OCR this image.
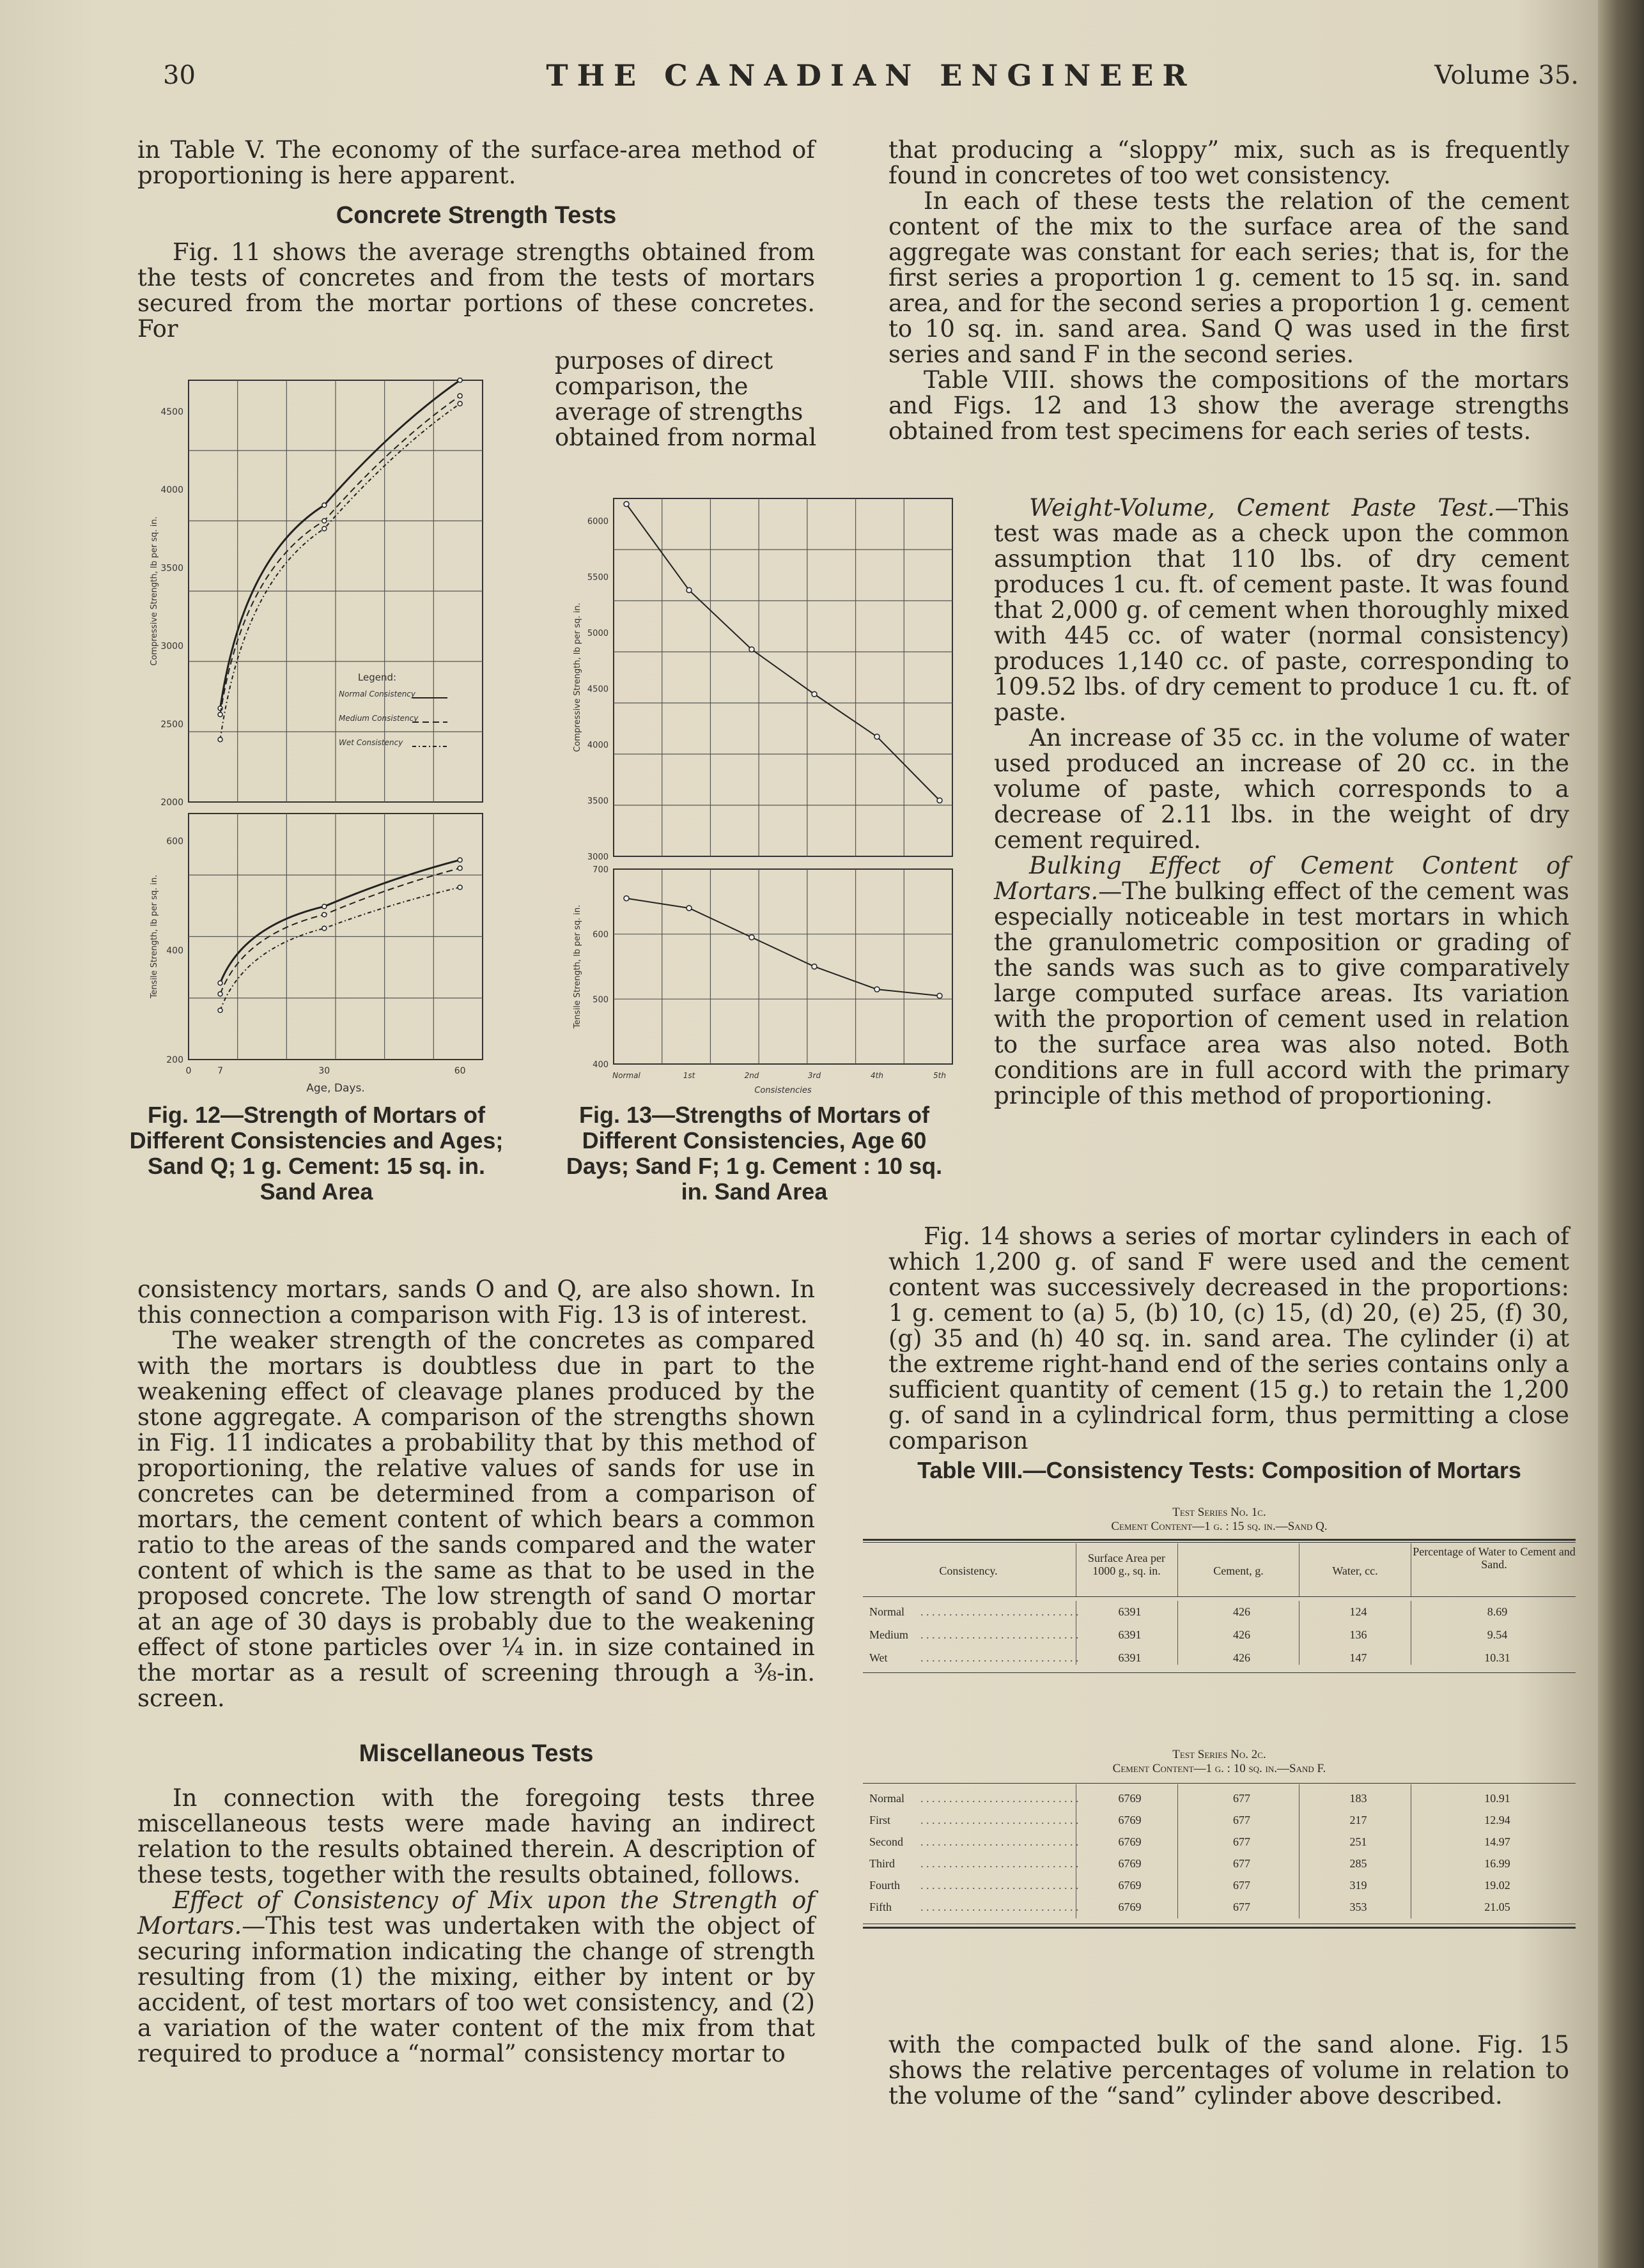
30	THE CANADIAN ENGINEER	Volume 35.

in Table V. The economy of the surface-area method of proportioning is here apparent.

Concrete Strength Tests

Fig. 11 shows the average strengths obtained from the tests of concretes and from the tests of mortars secured from the mortar portions of these concretes. For

purposes of direct comparison, the average of strengths obtained from normal
4500
4000
3500
3000
2500
2000
600
400
200
0	7	30	60
Age, Days.
Compressive Strength, lb per sq. in.
Tensile Strength, lb per sq. in.
Legend:
Normal Consistency
Medium Consistency
Wet Consistency
Fig. 12—Strength of Mortars of Different Consistencies and Ages; Sand Q; 1 g. Cement: 15 sq. in. Sand Area
6000
5500
5000
4500
4000
3500
3000
700
600
500
400
Normal	1st	2nd	3rd	4th	5th
Consistencies
Compressive Strength, lb per sq. in.
Tensile Strength, lb per sq. in.
Fig. 13—Strengths of Mortars of Different Consistencies, Age 60 Days; Sand F; 1 g. Cement : 10 sq. in. Sand Area

consistency mortars, sands O and Q, are also shown. In this connection a comparison with Fig. 13 is of interest.

The weaker strength of the concretes as compared with the mortars is doubtless due in part to the weakening effect of cleavage planes produced by the stone aggregate. A comparison of the strengths shown in Fig. 11 indicates a probability that by this method of proportioning, the relative values of sands for use in concretes can be determined from a comparison of mortars, the cement content of which bears a common ratio to the areas of the sands compared and the water content of which is the same as that to be used in the proposed concrete. The low strength of sand O mortar at an age of 30 days is probably due to the weakening effect of stone particles over ¼ in. in size contained in the mortar as a result of screening through a ⅜-in. screen.

Miscellaneous Tests

In connection with the foregoing tests three miscellaneous tests were made having an indirect relation to the results obtained therein. A description of these tests, together with the results obtained, follows.

Effect of Consistency of Mix upon the Strength of Mortars.—This test was undertaken with the object of securing information indicating the change of strength resulting from (1) the mixing, either by intent or by accident, of test mortars of too wet consistency, and (2) a variation of the water content of the mix from that required to produce a “normal” consistency mortar to

that producing a “sloppy” mix, such as is frequently found in concretes of too wet consistency.

In each of these tests the relation of the cement content of the mix to the surface area of the sand aggregate was constant for each series; that is, for the first series a proportion 1 g. cement to 15 sq. in. sand area, and for the second series a proportion 1 g. cement to 10 sq. in. sand area. Sand Q was used in the first series and sand F in the second series.

Table VIII. shows the compositions of the mortars and Figs. 12 and 13 show the average strengths obtained from test specimens for each series of tests.

Weight-Volume, Cement Paste Test.—This test was made as a check upon the common assumption that 110 lbs. of dry cement produces 1 cu. ft. of cement paste. It was found that 2,000 g. of cement when thoroughly mixed with 445 cc. of water (normal consistency) produces 1,140 cc. of paste, corresponding to 109.52 lbs. of dry cement to produce 1 cu. ft. of paste.

An increase of 35 cc. in the volume of water used produced an increase of 20 cc. in the volume of paste, which corresponds to a decrease of 2.11 lbs. in the weight of dry cement required.

Bulking Effect of Cement Content of Mortars.—The bulking effect of the cement was especially noticeable in test mortars in which the granulometric composition or grading of the sands was such as to give comparatively large computed surface areas. Its variation with the proportion of cement used in relation to the surface area was also noted. Both conditions are in full accord with the primary principle of this method of proportioning.

Fig. 14 shows a series of mortar cylinders in each of which 1,200 g. of sand F were used and the cement content was successively decreased in the proportions: 1 g. cement to (a) 5, (b) 10, (c) 15, (d) 20, (e) 25, (f) 30, (g) 35 and (h) 40 sq. in. sand area. The cylinder (i) at the extreme right-hand end of the series contains only a sufficient quantity of cement (15 g.) to retain the 1,200 g. of sand in a cylindrical form, thus permitting a close comparison

Table VIII.—Consistency Tests: Composition of Mortars
Test Series No. 1c.
Cement Content—1 g. : 15 sq. in.—Sand Q.
Consistency.
Surface Area per 1000 g., sq. in.	Cement, g.	Water, cc.
Percentage of Water to Cement and Sand.
Normal	6391	426	124	8.69
. . . . . . . . . . . . . . . . . . . . . . . . . . . .
Medium	6391	426	136	9.54
. . . . . . . . . . . . . . . . . . . . . . . . . . . .
Wet	6391	426	147	10.31
. . . . . . . . . . . . . . . . . . . . . . . . . . . .
Test Series No. 2c.
Cement Content—1 g. : 10 sq. in.—Sand F.
Normal	6769	677	183	10.91
. . . . . . . . . . . . . . . . . . . . . . . . . . . .
First	6769	677	217	12.94
. . . . . . . . . . . . . . . . . . . . . . . . . . . .
Second	6769	677	251	14.97
. . . . . . . . . . . . . . . . . . . . . . . . . . . .
Third	6769	677	285	16.99
. . . . . . . . . . . . . . . . . . . . . . . . . . . .
Fourth	6769	677	319	19.02
. . . . . . . . . . . . . . . . . . . . . . . . . . . .
Fifth	6769	677	353	21.05
. . . . . . . . . . . . . . . . . . . . . . . . . . . .

with the compacted bulk of the sand alone. Fig. 15 shows the relative percentages of volume in relation to the volume of the “sand” cylinder above described.
